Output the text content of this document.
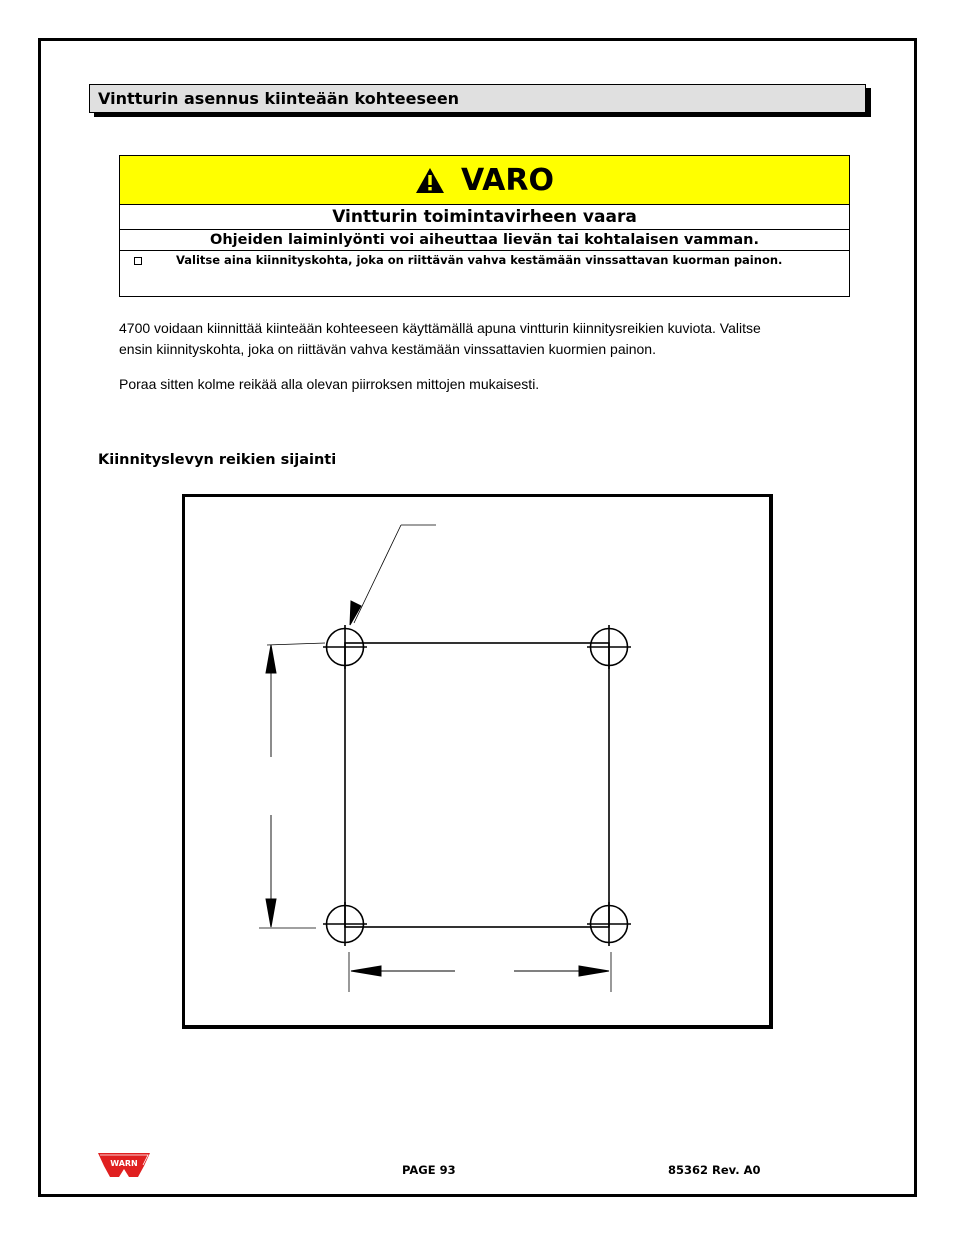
Vintturin asennus kiinteään kohteeseen
VARO
Vintturin toimintavirheen vaara
Ohjeiden laiminlyönti voi aiheuttaa lievän tai kohtalaisen vamman.
Valitse aina kiinnityskohta, joka on riittävän vahva kestämään vinssattavan kuorman painon.
4700 voidaan kiinnittää kiinteään kohteeseen käyttämällä apuna vintturin kiinnitysreikien kuviota. Valitse
ensin kiinnityskohta, joka on riittävän vahva kestämään vinssattavien kuormien painon.
Poraa sitten kolme reikää alla olevan piirroksen mittojen mukaisesti.
Kiinnityslevyn reikien sijainti
WARN	PAGE 93	85362 Rev. A0
